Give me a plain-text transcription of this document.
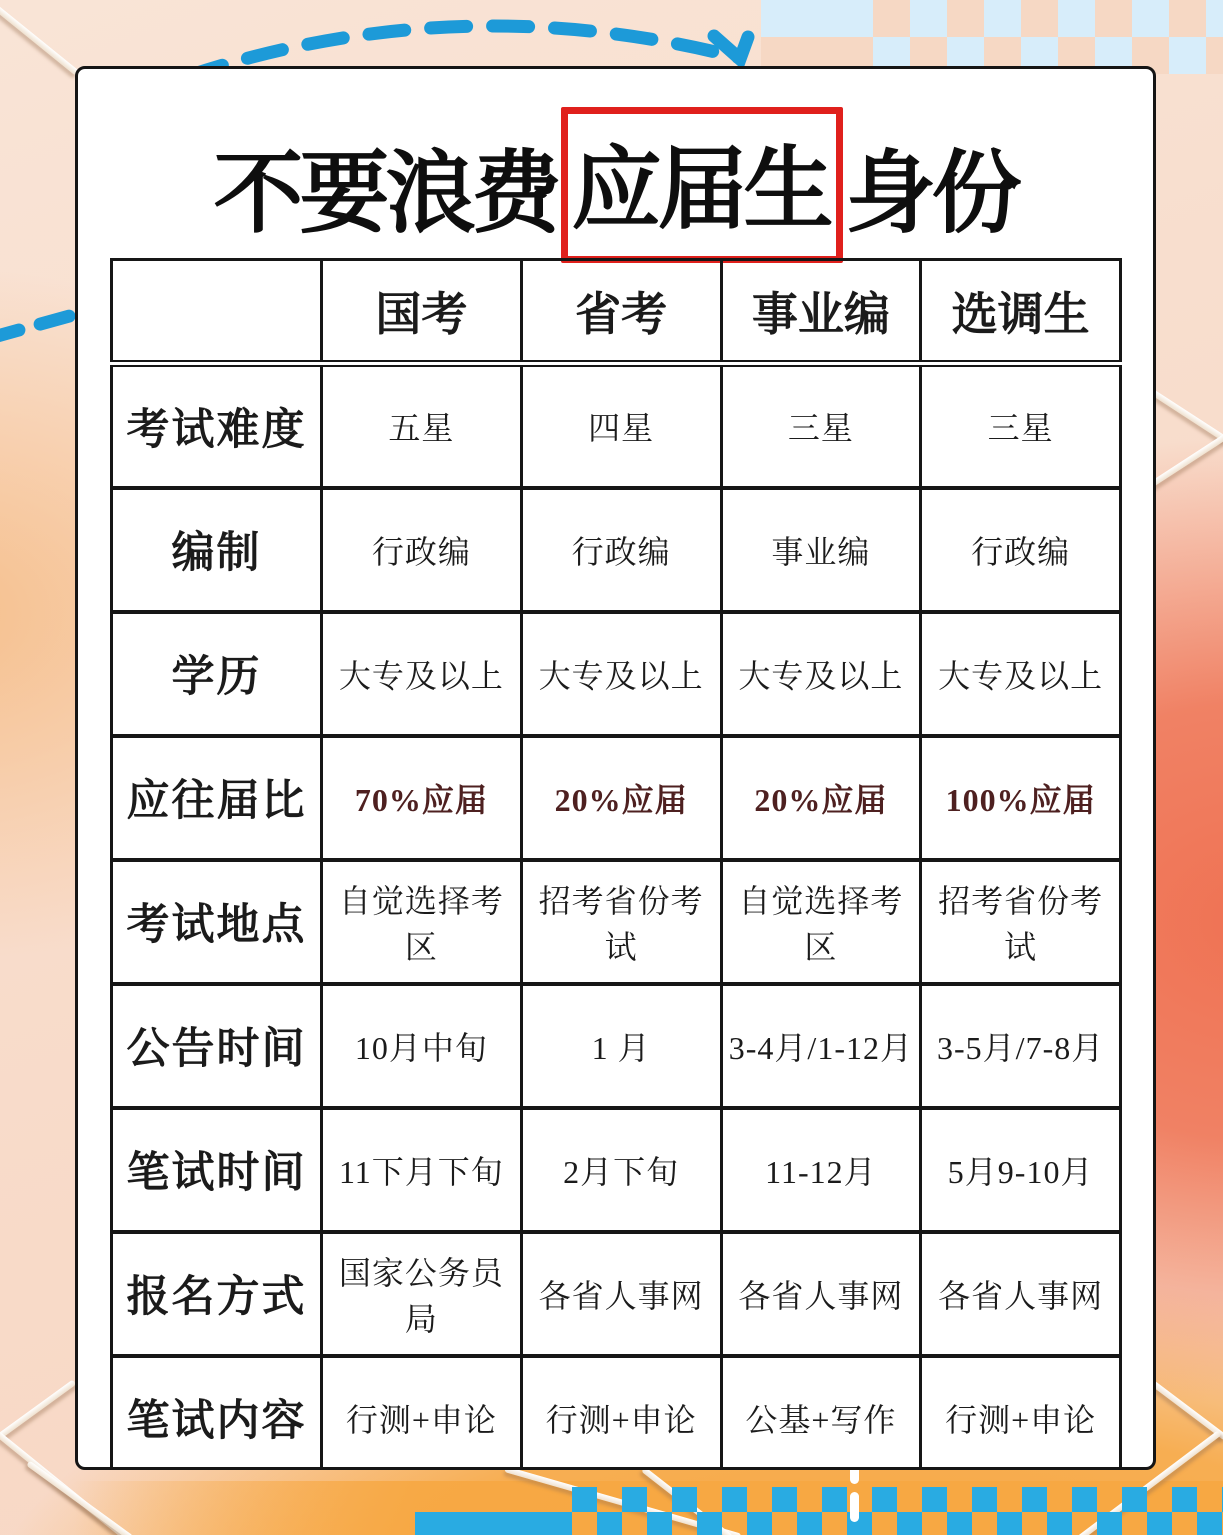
不要浪费 应届生 身份
	国考	省考	事业编	选调生
考试难度	五星	四星	三星	三星
编制	行政编	行政编	事业编	行政编
学历	大专及以上	大专及以上	大专及以上	大专及以上
应往届比	70%应届	20%应届	20%应届	100%应届
考试地点	自觉选择考区	招考省份考试	自觉选择考区	招考省份考试
公告时间	10月中旬	1 月	3-4月/1-12月	3-5月/7-8月
笔试时间	11下月下旬	2月下旬	11-12月	5月9-10月
报名方式	国家公务员局	各省人事网	各省人事网	各省人事网
笔试内容	行测+申论	行测+申论	公基+写作	行测+申论
